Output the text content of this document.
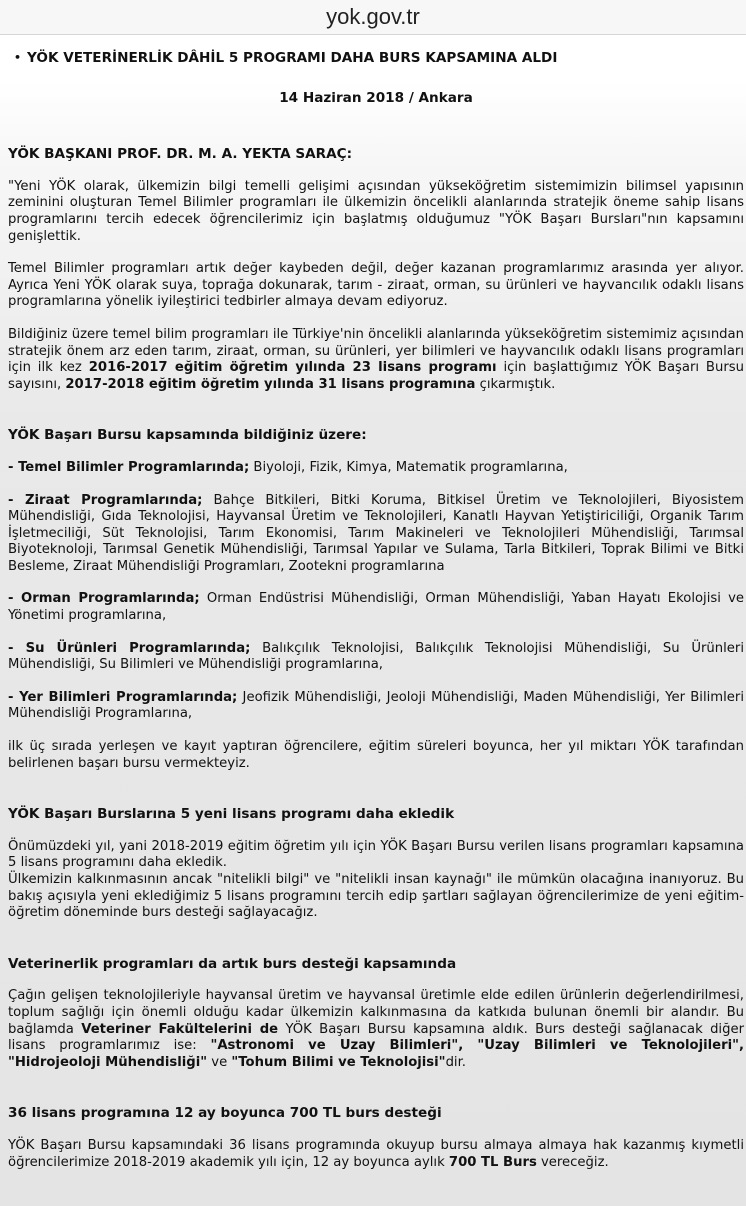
yok.gov.tr
• YÖK VETERİNERLİK DÂHİL 5 PROGRAMI DAHA BURS KAPSAMINA ALDI
14 Haziran 2018 / Ankara
YÖK BAŞKANI PROF. DR. M. A. YEKTA SARAÇ:

"Yeni YÖK olarak, ülkemizin bilgi temelli gelişimi açısından yükseköğretim sistemimizin bilimsel yapısının zeminini oluşturan Temel Bilimler programları ile ülkemizin öncelikli alanlarında stratejik öneme sahip lisans programlarını tercih edecek öğrencilerimiz için başlatmış olduğumuz "YÖK Başarı Bursları"nın kapsamını genişlettik.

Temel Bilimler programları artık değer kaybeden değil, değer kazanan programlarımız arasında yer alıyor. Ayrıca Yeni YÖK olarak suya, toprağa dokunarak, tarım - ziraat, orman, su ürünleri ve hayvancılık odaklı lisans programlarına yönelik iyileştirici tedbirler almaya devam ediyoruz.

Bildiğiniz üzere temel bilim programları ile Türkiye'nin öncelikli alanlarında yükseköğretim sistemimiz açısından stratejik önem arz eden tarım, ziraat, orman, su ürünleri, yer bilimleri ve hayvancılık odaklı lisans programları için ilk kez 2016-2017 eğitim öğretim yılında 23 lisans programı için başlattığımız YÖK Başarı Bursu sayısını, 2017-2018 eğitim öğretim yılında 31 lisans programına çıkarmıştık.

YÖK Başarı Bursu kapsamında bildiğiniz üzere:

- Temel Bilimler Programlarında; Biyoloji, Fizik, Kimya, Matematik programlarına,

- Ziraat Programlarında; Bahçe Bitkileri, Bitki Koruma, Bitkisel Üretim ve Teknolojileri, Biyosistem Mühendisliği, Gıda Teknolojisi, Hayvansal Üretim ve Teknolojileri, Kanatlı Hayvan Yetiştiriciliği, Organik Tarım İşletmeciliği, Süt Teknolojisi, Tarım Ekonomisi, Tarım Makineleri ve Teknolojileri Mühendisliği, Tarımsal Biyoteknoloji, Tarımsal Genetik Mühendisliği, Tarımsal Yapılar ve Sulama, Tarla Bitkileri, Toprak Bilimi ve Bitki Besleme, Ziraat Mühendisliği Programları, Zootekni programlarına

- Orman Programlarında; Orman Endüstrisi Mühendisliği, Orman Mühendisliği, Yaban Hayatı Ekolojisi ve Yönetimi programlarına,

- Su Ürünleri Programlarında; Balıkçılık Teknolojisi, Balıkçılık Teknolojisi Mühendisliği, Su Ürünleri Mühendisliği, Su Bilimleri ve Mühendisliği programlarına,

- Yer Bilimleri Programlarında; Jeofizik Mühendisliği, Jeoloji Mühendisliği, Maden Mühendisliği, Yer Bilimleri Mühendisliği Programlarına,

ilk üç sırada yerleşen ve kayıt yaptıran öğrencilere, eğitim süreleri boyunca, her yıl miktarı YÖK tarafından belirlenen başarı bursu vermekteyiz.

YÖK Başarı Burslarına 5 yeni lisans programı daha ekledik

Önümüzdeki yıl, yani 2018-2019 eğitim öğretim yılı için YÖK Başarı Bursu verilen lisans programları kapsamına 5 lisans programını daha ekledik.

Ülkemizin kalkınmasının ancak "nitelikli bilgi" ve "nitelikli insan kaynağı" ile mümkün olacağına inanıyoruz. Bu bakış açısıyla yeni eklediğimiz 5 lisans programını tercih edip şartları sağlayan öğrencilerimize de yeni eğitim-öğretim döneminde burs desteği sağlayacağız.

Veterinerlik programları da artık burs desteği kapsamında

Çağın gelişen teknolojileriyle hayvansal üretim ve hayvansal üretimle elde edilen ürünlerin değerlendirilmesi, toplum sağlığı için önemli olduğu kadar ülkemizin kalkınmasına da katkıda bulunan önemli bir alandır. Bu bağlamda Veteriner Fakültelerini de YÖK Başarı Bursu kapsamına aldık. Burs desteği sağlanacak diğer lisans programlarımız ise: "Astronomi ve Uzay Bilimleri", "Uzay Bilimleri ve Teknolojileri", "Hidrojeoloji Mühendisliği" ve "Tohum Bilimi ve Teknolojisi"dir.

36 lisans programına 12 ay boyunca 700 TL burs desteği

YÖK Başarı Bursu kapsamındaki 36 lisans programında okuyup bursu almaya almaya hak kazanmış kıymetli öğrencilerimize 2018-2019 akademik yılı için, 12 ay boyunca aylık 700 TL Burs vereceğiz.
